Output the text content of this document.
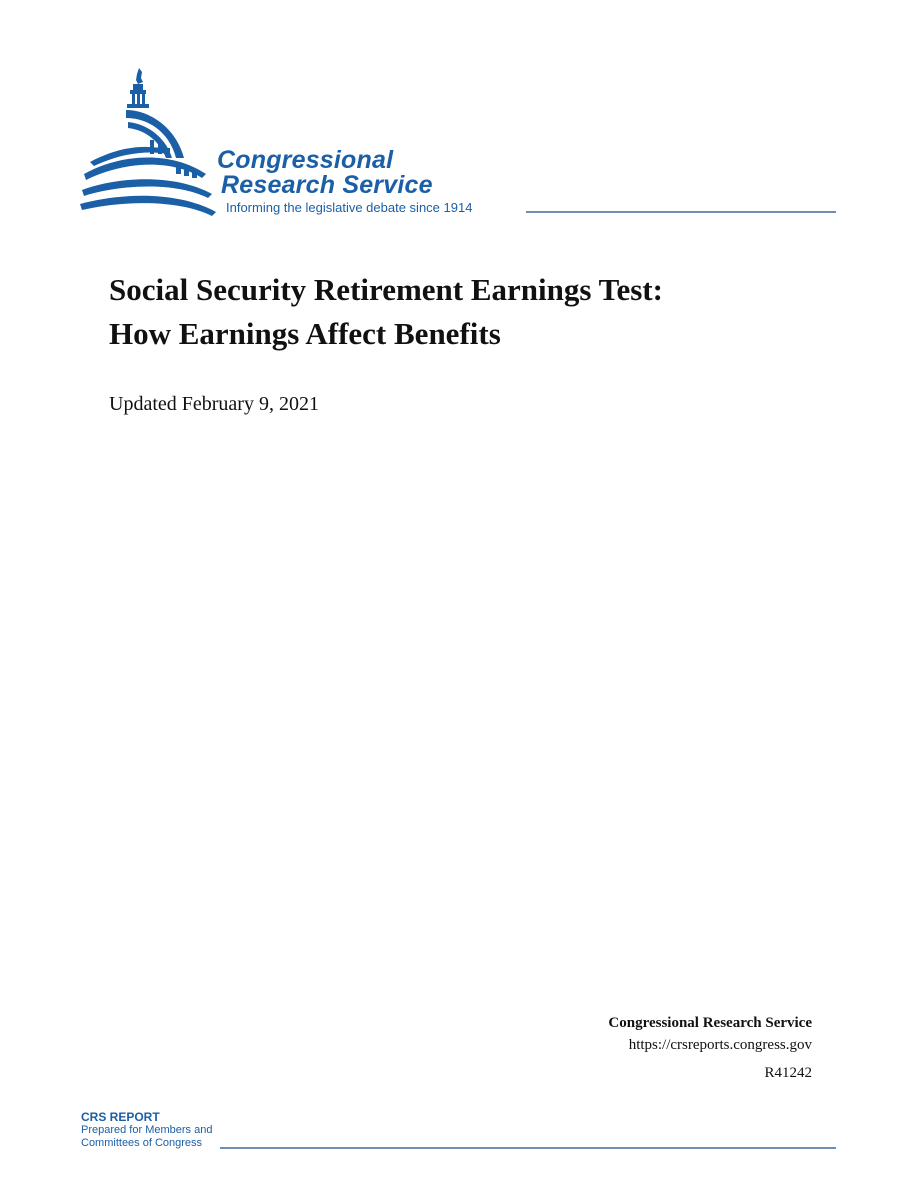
Congressional
Research Service
Informing the legislative debate since 1914
Social Security Retirement Earnings Test:
How Earnings Affect Benefits
Updated February 9, 2021
Congressional Research Service
https://crsreports.congress.gov
R41242
CRS REPORT
Prepared for Members and
Committees of Congress
